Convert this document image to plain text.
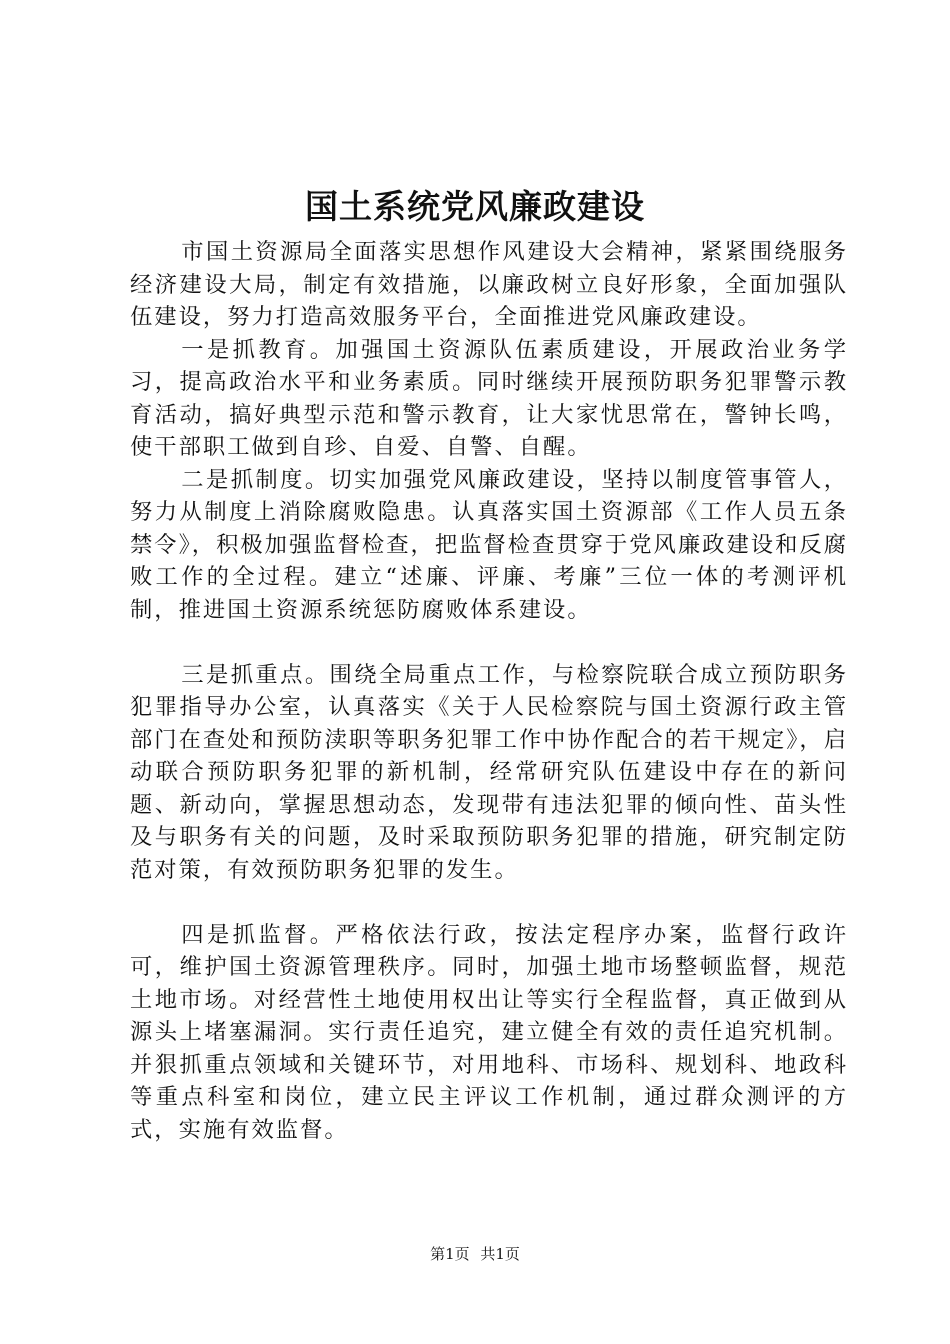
国土系统党风廉政建设

市国土资源局全面落实思想作风建设大会精神，紧紧围绕服务经济建设大局，制定有效措施，以廉政树立良好形象，全面加强队伍建设，努力打造高效服务平台，全面推进党风廉政建设。

一是抓教育。加强国土资源队伍素质建设，开展政治业务学习，提高政治水平和业务素质。同时继续开展预防职务犯罪警示教育活动，搞好典型示范和警示教育，让大家忧思常在，警钟长鸣，使干部职工做到自珍、自爱、自警、自醒。

二是抓制度。切实加强党风廉政建设，坚持以制度管事管人，努力从制度上消除腐败隐患。认真落实国土资源部《工作人员五条禁令》，积极加强监督检查，把监督检查贯穿于党风廉政建设和反腐败工作的全过程。建立“述廉、评廉、考廉”三位一体的考测评机制，推进国土资源系统惩防腐败体系建设。

三是抓重点。围绕全局重点工作，与检察院联合成立预防职务犯罪指导办公室，认真落实《关于人民检察院与国土资源行政主管部门在查处和预防渎职等职务犯罪工作中协作配合的若干规定》，启动联合预防职务犯罪的新机制，经常研究队伍建设中存在的新问题、新动向，掌握思想动态，发现带有违法犯罪的倾向性、苗头性及与职务有关的问题，及时采取预防职务犯罪的措施，研究制定防范对策，有效预防职务犯罪的发生。

四是抓监督。严格依法行政，按法定程序办案，监督行政许可，维护国土资源管理秩序。同时，加强土地市场整顿监督，规范土地市场。对经营性土地使用权出让等实行全程监督，真正做到从源头上堵塞漏洞。实行责任追究，建立健全有效的责任追究机制。并狠抓重点领域和关键环节，对用地科、市场科、规划科、地政科等重点科室和岗位，建立民主评议工作机制，通过群众测评的方式，实施有效监督。

第1页 共1页
